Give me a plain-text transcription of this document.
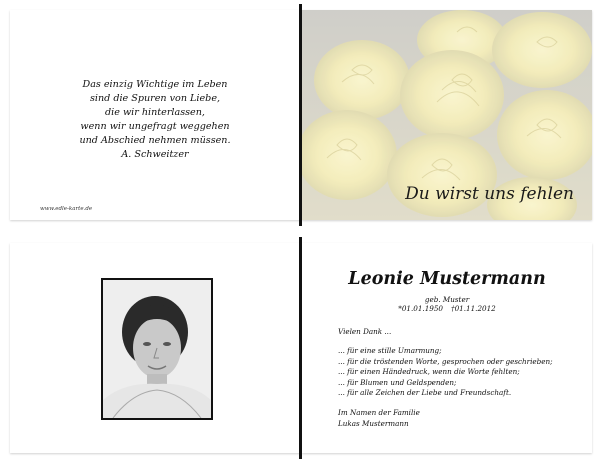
Das einzig Wichtige im Leben
sind die Spuren von Liebe,
die wir hinterlassen,
wenn wir ungefragt weggehen
und Abschied nehmen müssen.
A. Schweitzer
www.edle-karte.de
Du wirst uns fehlen
Leonie Mustermann
geb. Muster
*01.01.1950 †01.11.2012
Vielen Dank ...
... für eine stille Umarmung;
... für die tröstenden Worte, gesprochen oder geschrieben;
... für einen Händedruck, wenn die Worte fehlten;
... für Blumen und Geldspenden;
... für alle Zeichen der Liebe und Freundschaft.
Im Namen der Familie
Lukas Mustermann
